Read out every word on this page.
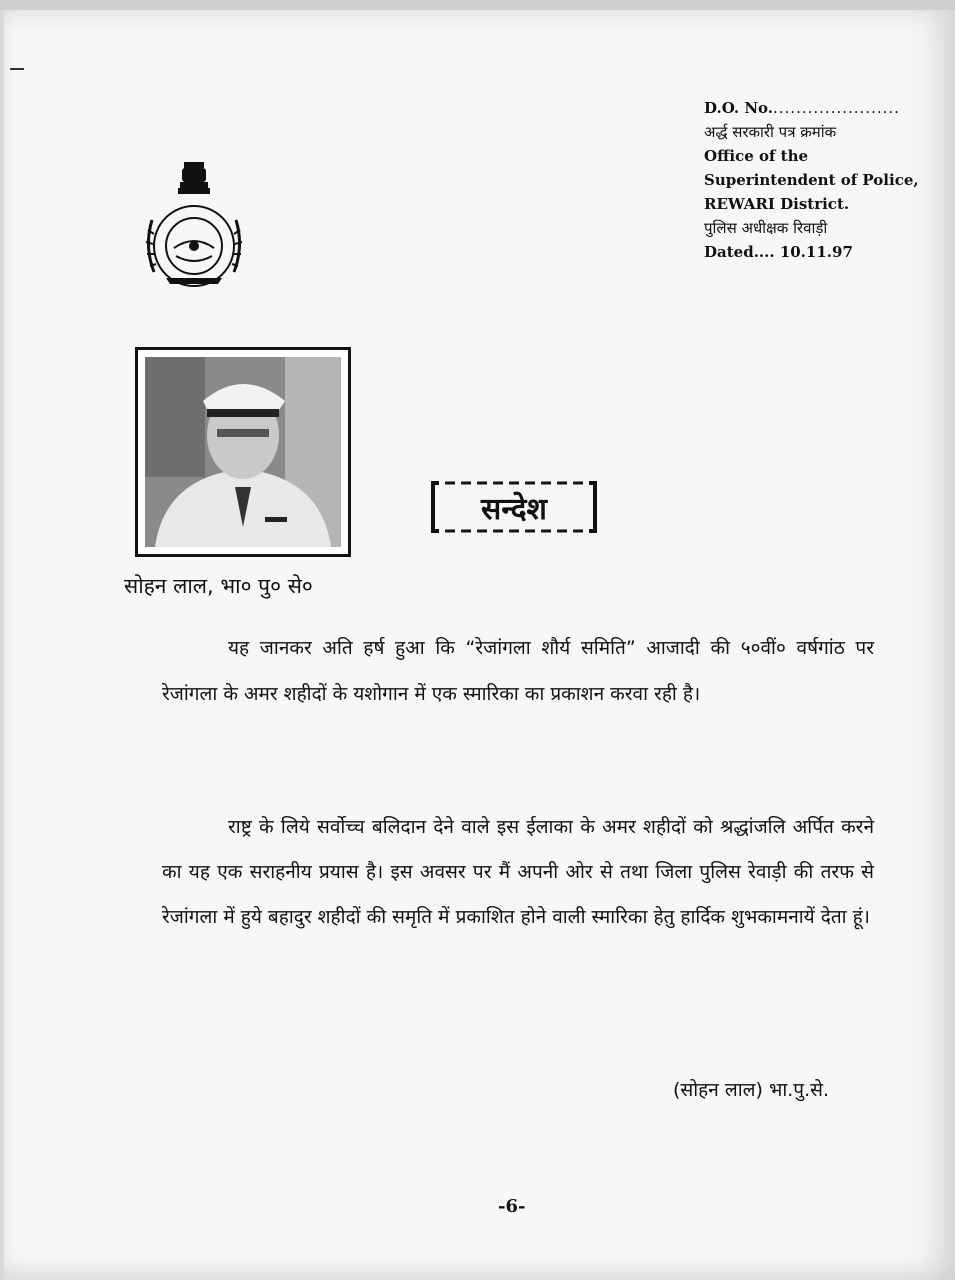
D.O. No.......................
अर्द्ध सरकारी पत्र क्रमांक
Office of the
Superintendent of Police,
REWARI District.
पुलिस अधीक्षक रिवाड़ी
Dated.... 10.11.97
सोहन लाल, भा० पु० से०
सन्देश
यह जानकर अति हर्ष हुआ कि “रेजांगला शौर्य समिति” आजादी की ५०वीं० वर्षगांठ पर रेजांगला के अमर शहीदों के यशोगान में एक स्मारिका का प्रकाशन करवा रही है।
राष्ट्र के लिये सर्वोच्च बलिदान देने वाले इस ईलाका के अमर शहीदों को श्रद्धांजलि अर्पित करने का यह एक सराहनीय प्रयास है। इस अवसर पर मैं अपनी ओर से तथा जिला पुलिस रेवाड़ी की तरफ से रेजांगला में हुये बहादुर शहीदों की समृति में प्रकाशित होने वाली स्मारिका हेतु हार्दिक शुभकामनायें देता हूं।
(सोहन लाल) भा.पु.से.
-6-
